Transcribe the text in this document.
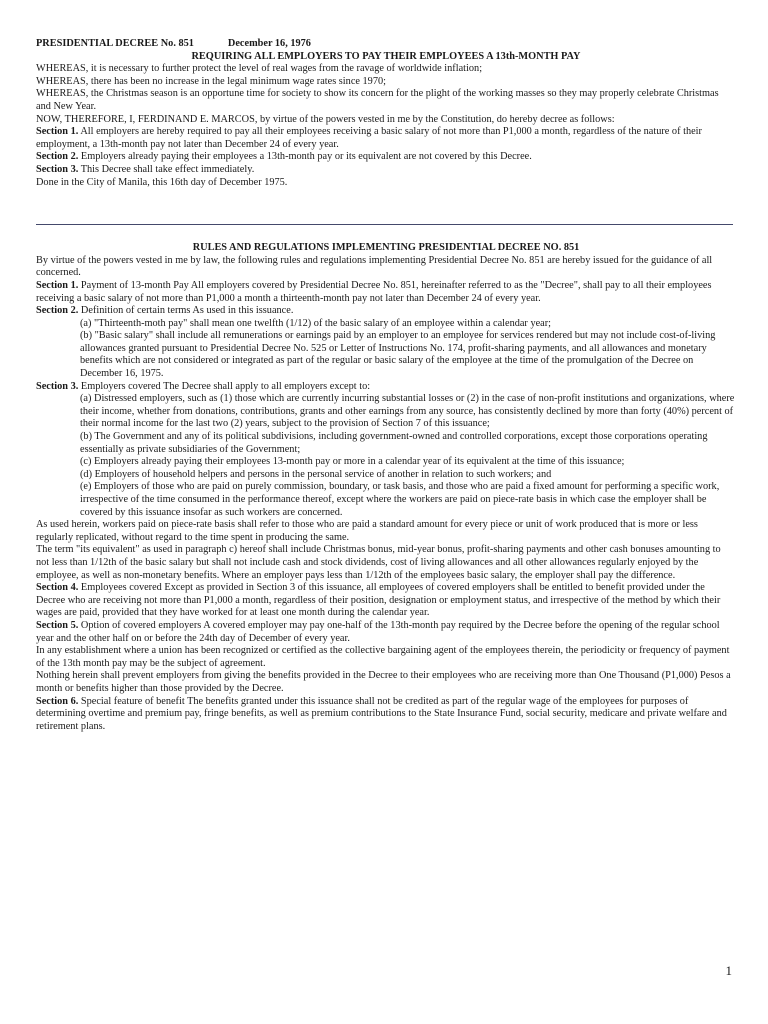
PRESIDENTIAL DECREE No. 851	December 16, 1976
REQUIRING ALL EMPLOYERS TO PAY THEIR EMPLOYEES A 13th-MONTH PAY

WHEREAS, it is necessary to further protect the level of real wages from the ravage of worldwide inflation;

WHEREAS, there has been no increase in the legal minimum wage rates since 1970;

WHEREAS, the Christmas season is an opportune time for society to show its concern for the plight of the working masses so they may properly celebrate Christmas and New Year.

NOW, THEREFORE, I, FERDINAND E. MARCOS, by virtue of the powers vested in me by the Constitution, do hereby decree as follows:

Section 1. All employers are hereby required to pay all their employees receiving a basic salary of not more than P1,000 a month, regardless of the nature of their employment, a 13th-month pay not later than December 24 of every year.

Section 2. Employers already paying their employees a 13th-month pay or its equivalent are not covered by this Decree.

Section 3. This Decree shall take effect immediately.

Done in the City of Manila, this 16th day of December 1975.

RULES AND REGULATIONS IMPLEMENTING PRESIDENTIAL DECREE NO. 851

By virtue of the powers vested in me by law, the following rules and regulations implementing Presidential Decree No. 851 are hereby issued for the guidance of all concerned.

Section 1. Payment of 13-month Pay All employers covered by Presidential Decree No. 851, hereinafter referred to as the "Decree", shall pay to all their employees receiving a basic salary of not more than P1,000 a month a thirteenth-month pay not later than December 24 of every year.

Section 2. Definition of certain terms As used in this issuance.

(a) "Thirteenth-moth pay" shall mean one twelfth (1/12) of the basic salary of an employee within a calendar year;

(b) "Basic salary" shall include all remunerations or earnings paid by an employer to an employee for services rendered but may not include cost-of-living allowances granted pursuant to Presidential Decree No. 525 or Letter of Instructions No. 174, profit-sharing payments, and all allowances and monetary benefits which are not considered or integrated as part of the regular or basic salary of the employee at the time of the promulgation of the Decree on December 16, 1975.

Section 3. Employers covered The Decree shall apply to all employers except to:

(a) Distressed employers, such as (1) those which are currently incurring substantial losses or (2) in the case of non-profit institutions and organizations, where their income, whether from donations, contributions, grants and other earnings from any source, has consistently declined by more than forty (40%) percent of their normal income for the last two (2) years, subject to the provision of Section 7 of this issuance;

(b) The Government and any of its political subdivisions, including government-owned and controlled corporations, except those corporations operating essentially as private subsidiaries of the Government;

(c) Employers already paying their employees 13-month pay or more in a calendar year of its equivalent at the time of this issuance;

(d) Employers of household helpers and persons in the personal service of another in relation to such workers; and

(e) Employers of those who are paid on purely commission, boundary, or task basis, and those who are paid a fixed amount for performing a specific work, irrespective of the time consumed in the performance thereof, except where the workers are paid on piece-rate basis in which case the employer shall be covered by this issuance insofar as such workers are concerned.

As used herein, workers paid on piece-rate basis shall refer to those who are paid a standard amount for every piece or unit of work produced that is more or less regularly replicated, without regard to the time spent in producing the same.

The term "its equivalent" as used in paragraph c) hereof shall include Christmas bonus, mid-year bonus, profit-sharing payments and other cash bonuses amounting to not less than 1/12th of the basic salary but shall not include cash and stock dividends, cost of living allowances and all other allowances regularly enjoyed by the employee, as well as non-monetary benefits. Where an employer pays less than 1/12th of the employees basic salary, the employer shall pay the difference.

Section 4. Employees covered Except as provided in Section 3 of this issuance, all employees of covered employers shall be entitled to benefit provided under the Decree who are receiving not more than P1,000 a month, regardless of their position, designation or employment status, and irrespective of the method by which their wages are paid, provided that they have worked for at least one month during the calendar year.

Section 5. Option of covered employers A covered employer may pay one-half of the 13th-month pay required by the Decree before the opening of the regular school year and the other half on or before the 24th day of December of every year.

In any establishment where a union has been recognized or certified as the collective bargaining agent of the employees therein, the periodicity or frequency of payment of the 13th month pay may be the subject of agreement.

Nothing herein shall prevent employers from giving the benefits provided in the Decree to their employees who are receiving more than One Thousand (P1,000) Pesos a month or benefits higher than those provided by the Decree.

Section 6. Special feature of benefit The benefits granted under this issuance shall not be credited as part of the regular wage of the employees for purposes of determining overtime and premium pay, fringe benefits, as well as premium contributions to the State Insurance Fund, social security, medicare and private welfare and retirement plans.

1
